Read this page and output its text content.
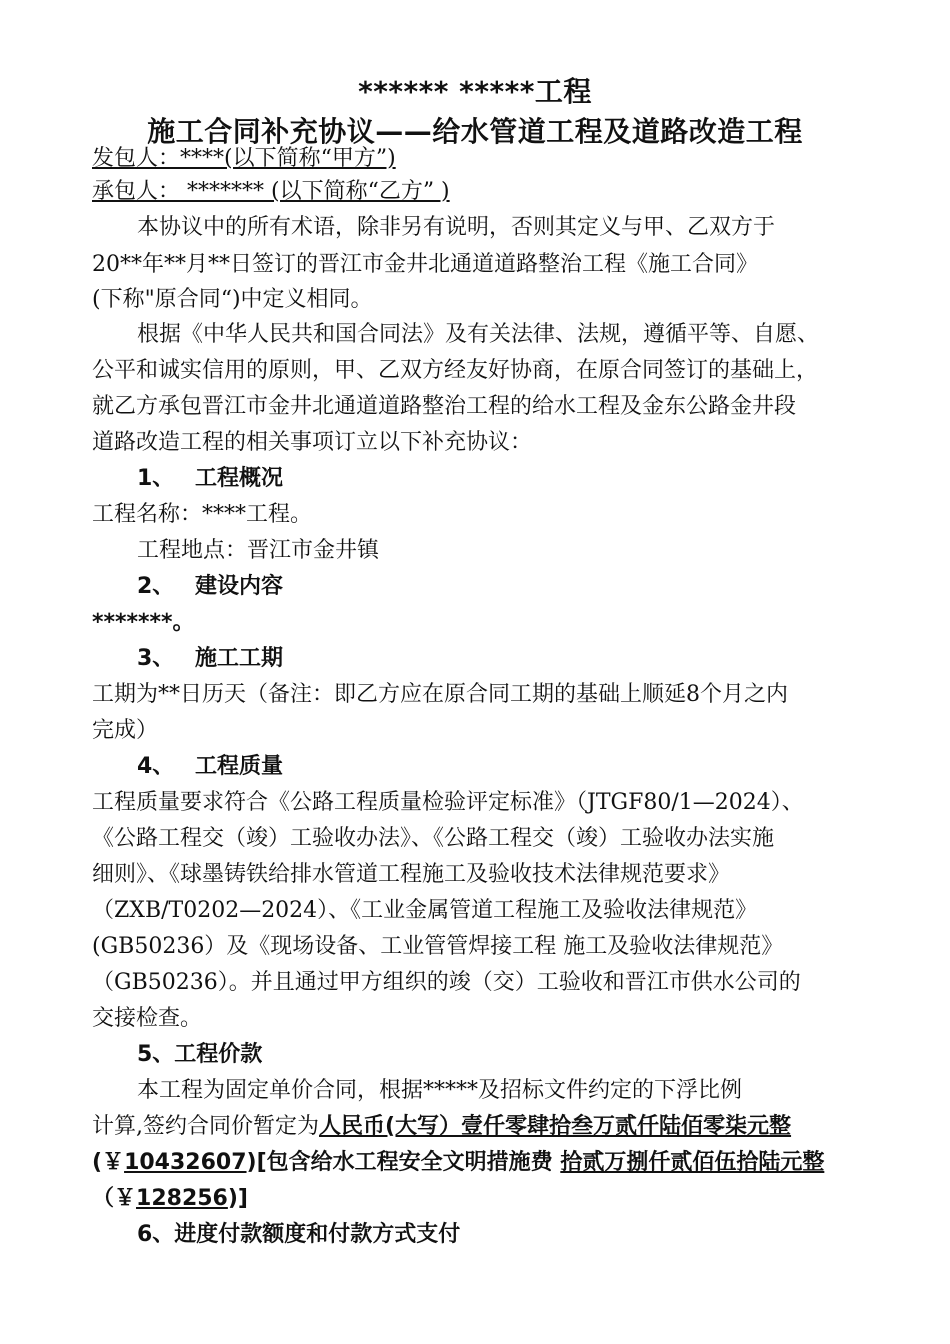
****** *****工程
施工合同补充协议——给水管道工程及道路改造工程
发包人：****(以下简称“甲方”)
承包人： ******* (以下简称“乙方” )
本协议中的所有术语，除非另有说明，否则其定义与甲、乙双方于
20**年**月**日签订的晋江市金井北通道道路整治工程《施工合同》
(下称"原合同“)中定义相同。
根据《中华人民共和国合同法》及有关法律、法规，遵循平等、自愿、
公平和诚实信用的原则，甲、乙双方经友好协商，在原合同签订的基础上，
就乙方承包晋江市金井北通道道路整治工程的给水工程及金东公路金井段
道路改造工程的相关事项订立以下补充协议：
1、 工程概况
工程名称：****工程。
工程地点：晋江市金井镇
2、 建设内容
*******。
3、 施工工期
工期为**日历天（备注：即乙方应在原合同工期的基础上顺延8个月之内
完成）
4、 工程质量
工程质量要求符合《公路工程质量检验评定标准》（JTGF80/1—2024）、
《公路工程交（竣）工验收办法》、《公路工程交（竣）工验收办法实施
细则》、《球墨铸铁给排水管道工程施工及验收技术法律规范要求》
（ZXB/T0202—2024）、《工业金属管道工程施工及验收法律规范》
(GB50236）及《现场设备、工业管管焊接工程 施工及验收法律规范》
（GB50236）。并且通过甲方组织的竣（交）工验收和晋江市供水公司的
交接检查。
5、工程价款
本工程为固定单价合同，根据*****及招标文件约定的下浮比例
计算,签约合同价暂定为人民币(大写）壹仟零肆拾叁万贰仟陆佰零柒元整
(￥10432607)[包含给水工程安全文明措施费 拾贰万捌仟贰佰伍拾陆元整
（￥128256)]
6、进度付款额度和付款方式支付
